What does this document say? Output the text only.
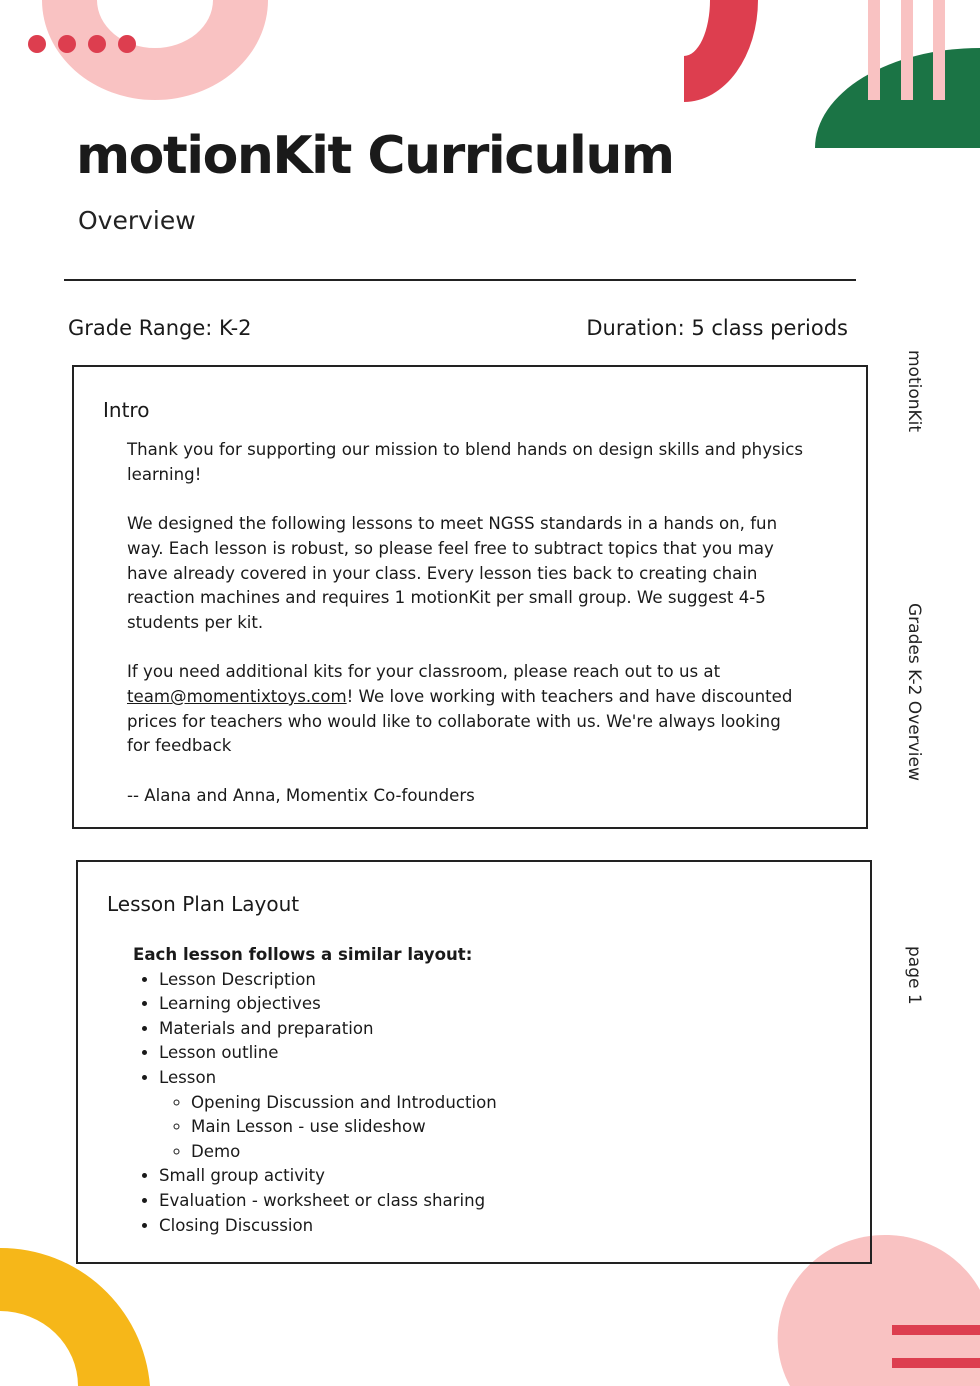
motionKit Curriculum
Overview
Grade Range: K-2	Duration: 5 class periods
Intro

Thank you for supporting our mission to blend hands on design skills and physics learning!

We designed the following lessons to meet NGSS standards in a hands on, fun way. Each lesson is robust, so please feel free to subtract topics that you may have already covered in your class. Every lesson ties back to creating chain reaction machines and requires 1 motionKit per small group. We suggest 4-5 students per kit.

If you need additional kits for your classroom, please reach out to us at team@momentixtoys.com! We love working with teachers and have discounted prices for teachers who would like to collaborate with us. We're always looking for feedback

-- Alana and Anna, Momentix Co-founders

Lesson Plan Layout

Each lesson follows a similar layout:

• Lesson Description
• Learning objectives
• Materials and preparation
• Lesson outline
• Lesson
◦ Opening Discussion and Introduction
◦ Main Lesson - use slideshow
◦ Demo
• Small group activity
• Evaluation - worksheet or class sharing
• Closing Discussion
motionKit
Grades K-2 Overview
page 1
